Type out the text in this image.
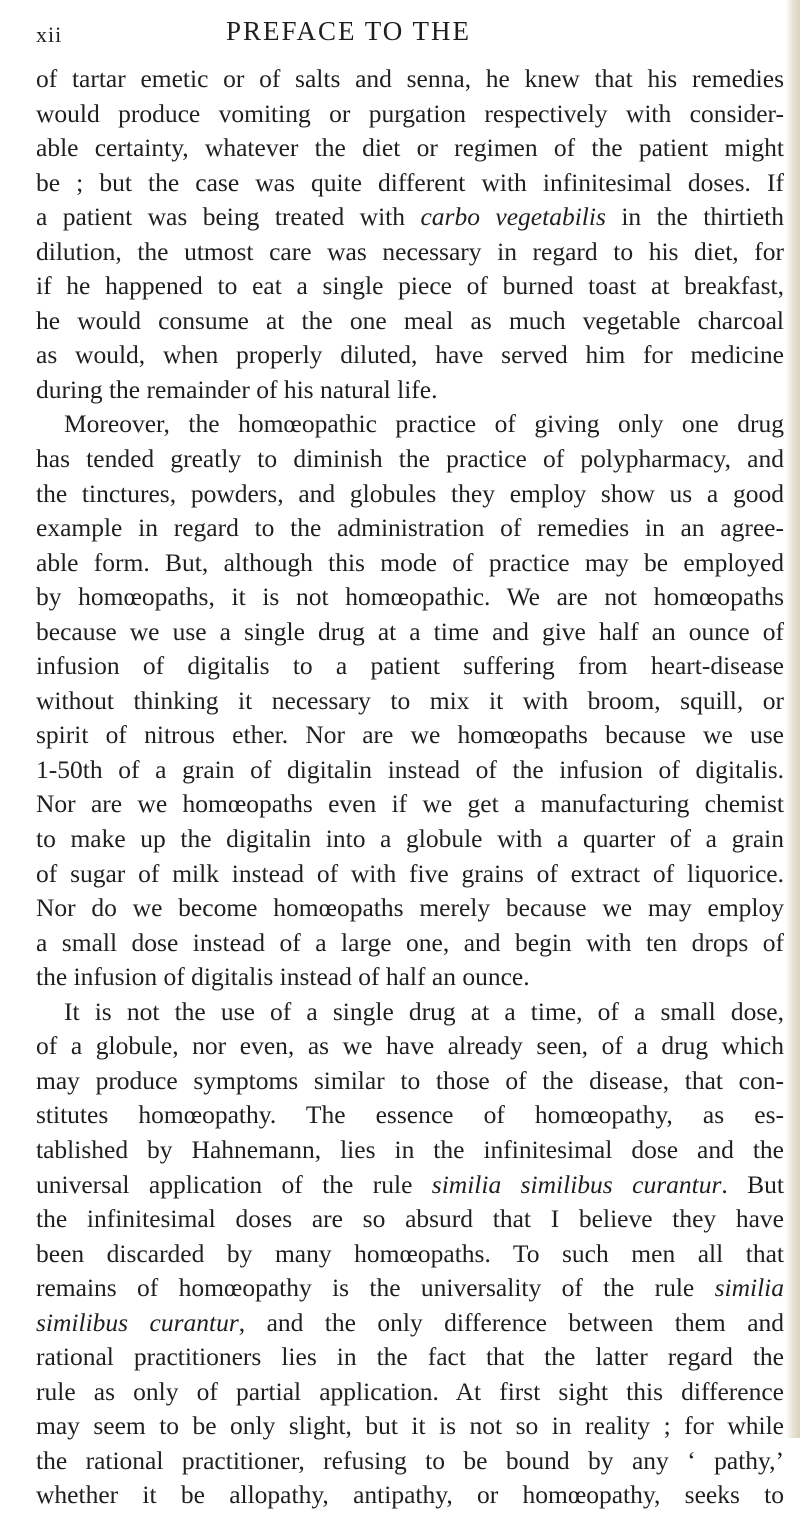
xii	PREFACE TO THE
of tartar emetic or of salts and senna, he knew that his remedies
would produce vomiting or purgation respectively with consider-
able certainty, whatever the diet or regimen of the patient might
be ; but the case was quite different with infinitesimal doses. If
a patient was being treated with carbo vegetabilis in the thirtieth
dilution, the utmost care was necessary in regard to his diet, for
if he happened to eat a single piece of burned toast at breakfast,
he would consume at the one meal as much vegetable charcoal
as would, when properly diluted, have served him for medicine
during the remainder of his natural life.
Moreover, the homœopathic practice of giving only one drug
has tended greatly to diminish the practice of polypharmacy, and
the tinctures, powders, and globules they employ show us a good
example in regard to the administration of remedies in an agree-
able form. But, although this mode of practice may be employed
by homœopaths, it is not homœopathic. We are not homœopaths
because we use a single drug at a time and give half an ounce of
infusion of digitalis to a patient suffering from heart-disease
without thinking it necessary to mix it with broom, squill, or
spirit of nitrous ether. Nor are we homœopaths because we use
1-50th of a grain of digitalin instead of the infusion of digitalis.
Nor are we homœopaths even if we get a manufacturing chemist
to make up the digitalin into a globule with a quarter of a grain
of sugar of milk instead of with five grains of extract of liquorice.
Nor do we become homœopaths merely because we may employ
a small dose instead of a large one, and begin with ten drops of
the infusion of digitalis instead of half an ounce.
It is not the use of a single drug at a time, of a small dose,
of a globule, nor even, as we have already seen, of a drug which
may produce symptoms similar to those of the disease, that con-
stitutes homœopathy. The essence of homœopathy, as es-
tablished by Hahnemann, lies in the infinitesimal dose and the
universal application of the rule similia similibus curantur. But
the infinitesimal doses are so absurd that I believe they have
been discarded by many homœopaths. To such men all that
remains of homœopathy is the universality of the rule similia
similibus curantur, and the only difference between them and
rational practitioners lies in the fact that the latter regard the
rule as only of partial application. At first sight this difference
may seem to be only slight, but it is not so in reality ; for while
the rational practitioner, refusing to be bound by any ‘ pathy,’
whether it be allopathy, antipathy, or homœopathy, seeks to
